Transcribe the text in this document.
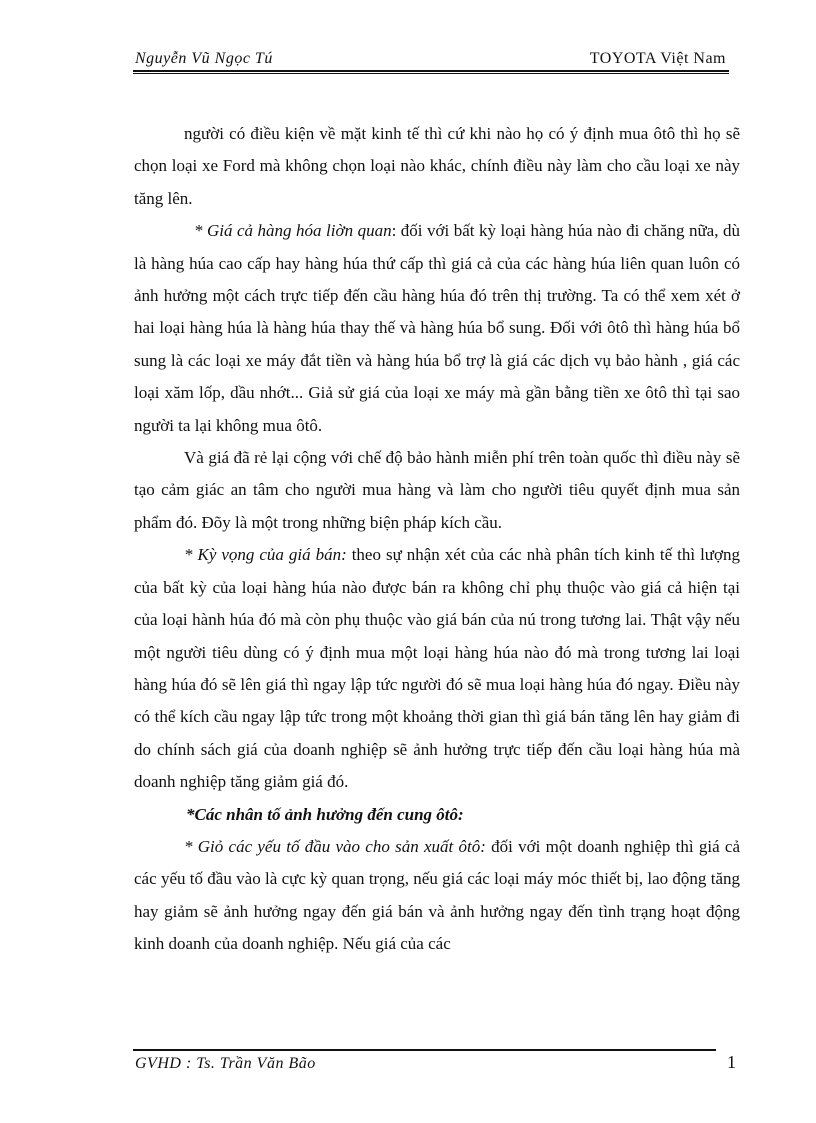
Nguyễn Vũ Ngọc Tú	TOYOTA Việt Nam

người có điều kiện về mặt kinh tế thì cứ khi nào họ có ý định mua ôtô thì họ sẽ chọn loại xe Ford mà không chọn loại nào khác, chính điều này làm cho cầu loại xe này tăng lên.

* Giá cả hàng hóa liờn quan: đối với bất kỳ loại hàng húa nào đi chăng nữa, dù là hàng húa cao cấp hay hàng húa thứ cấp thì giá cả của các hàng húa liên quan luôn có ảnh hưởng một cách trực tiếp đến cầu hàng húa đó trên thị trường. Ta có thể xem xét ở hai loại hàng húa là hàng húa thay thế và hàng húa bổ sung. Đối với ôtô thì hàng húa bổ sung là các loại xe máy đắt tiền và hàng húa bổ trợ là giá các dịch vụ bảo hành , giá các loại xăm lốp, dầu nhớt... Giả sử giá của loại xe máy mà gần bằng tiền xe ôtô thì tại sao người ta lại không mua ôtô.

Và giá đã rẻ lại cộng với chế độ bảo hành miễn phí trên toàn quốc thì điều này sẽ tạo cảm giác an tâm cho người mua hàng và làm cho người tiêu quyết định mua sản phẩm đó. Đõy là một trong những biện pháp kích cầu.

* Kỳ vọng của giá bán: theo sự nhận xét của các nhà phân tích kinh tế thì lượng của bất kỳ của loại hàng húa nào được bán ra không chỉ phụ thuộc vào giá cả hiện tại của loại hành húa đó mà còn phụ thuộc vào giá bán của nú trong tương lai. Thật vậy nếu một người tiêu dùng có ý định mua một loại hàng húa nào đó mà trong tương lai loại hàng húa đó sẽ lên giá thì ngay lập tức người đó sẽ mua loại hàng húa đó ngay. Điều này có thể kích cầu ngay lập tức trong một khoảng thời gian thì giá bán tăng lên hay giảm đi do chính sách giá của doanh nghiệp sẽ ảnh hưởng trực tiếp đến cầu loại hàng húa mà doanh nghiệp tăng giảm giá đó.

*Các nhân tố ảnh hưởng đến cung ôtô:

* Giỏ các yếu tố đầu vào cho sản xuất ôtô: đối với một doanh nghiệp thì giá cả các yếu tố đầu vào là cực kỳ quan trọng, nếu giá các loại máy móc thiết bị, lao động tăng hay giảm sẽ ảnh hưởng ngay đến giá bán và ảnh hưởng ngay đến tình trạng hoạt động kinh doanh của doanh nghiệp. Nếu giá của các

GVHD : Ts. Trần Văn Bão	1
